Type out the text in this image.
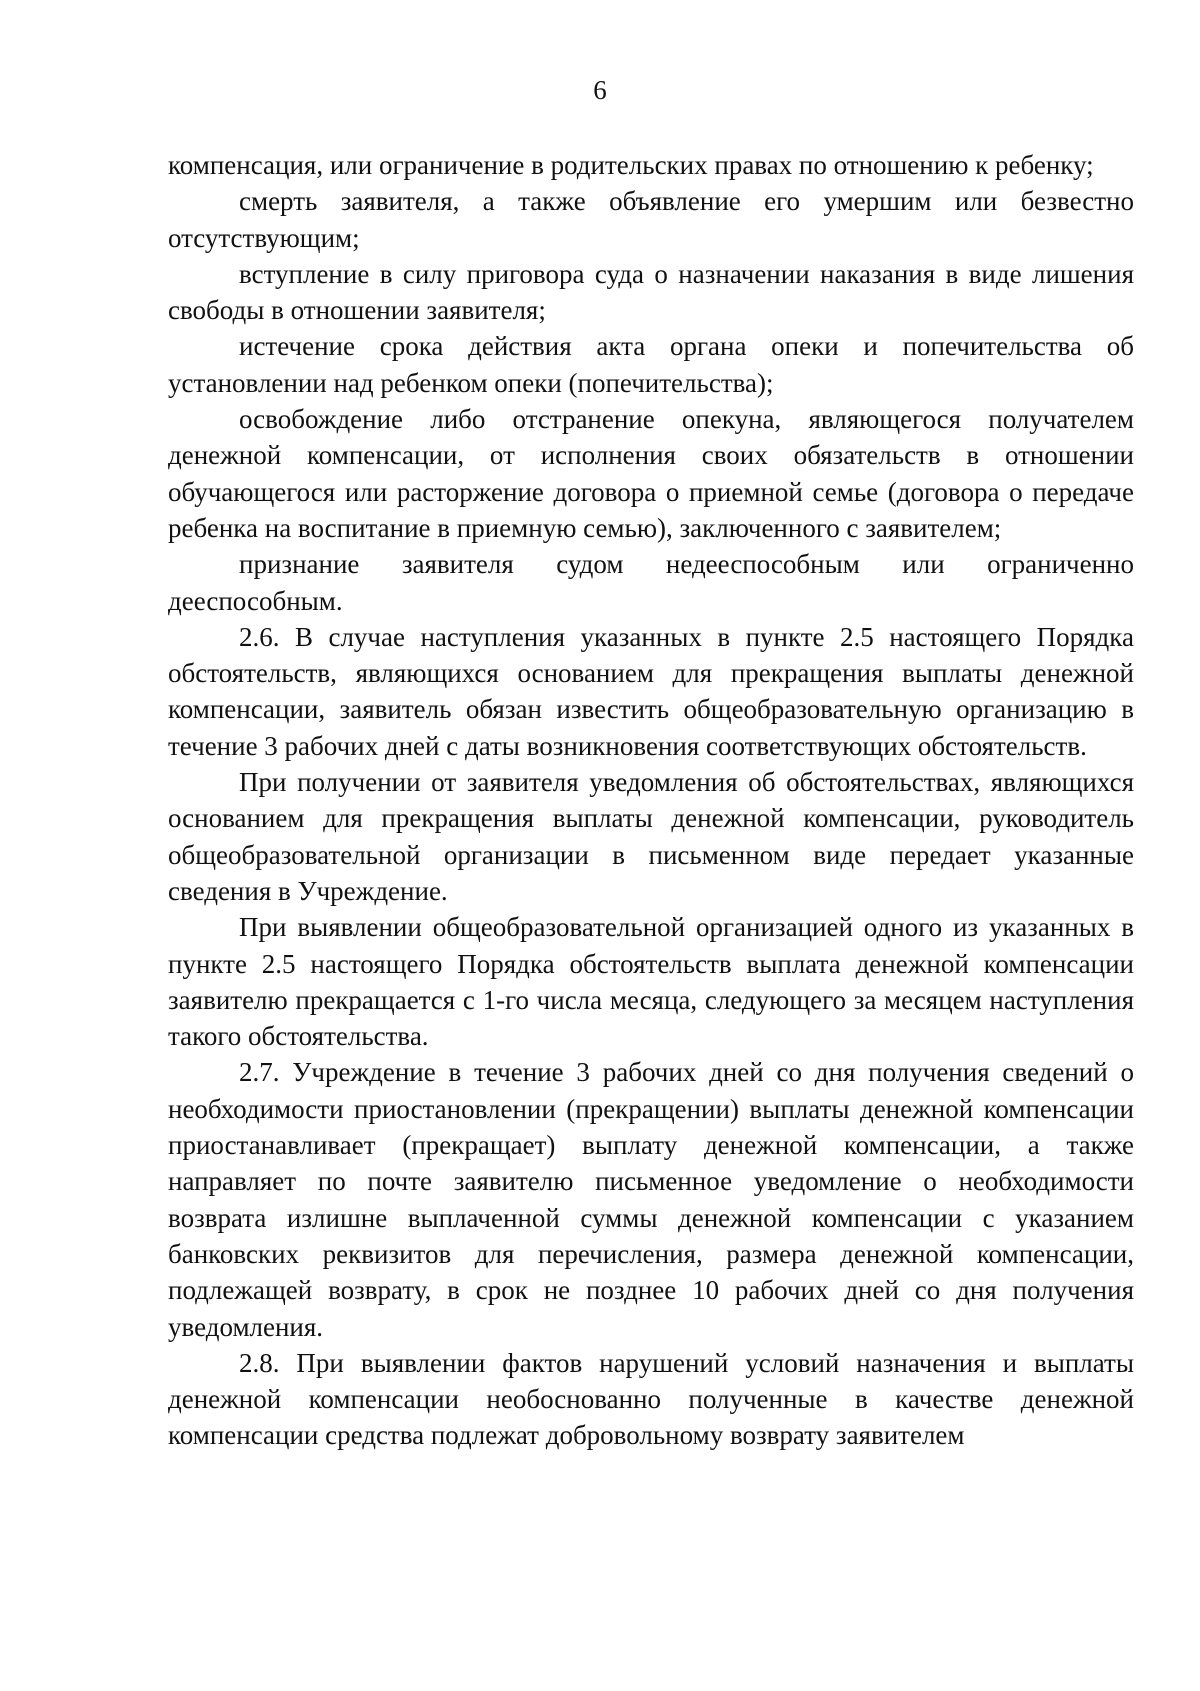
6

компенсация, или ограничение в родительских правах по отношению к ребенку;

смерть заявителя, а также объявление его умершим или безвестно отсутствующим;

вступление в силу приговора суда о назначении наказания в виде лишения свободы в отношении заявителя;

истечение срока действия акта органа опеки и попечительства об установлении над ребенком опеки (попечительства);

освобождение либо отстранение опекуна, являющегося получателем денежной компенсации, от исполнения своих обязательств в отношении обучающегося или расторжение договора о приемной семье (договора о передаче ребенка на воспитание в приемную семью), заключенного с заявителем;

признание заявителя судом недееспособным или ограниченно дееспособным.

2.6. В случае наступления указанных в пункте 2.5 настоящего Порядка обстоятельств, являющихся основанием для прекращения выплаты денежной компенсации, заявитель обязан известить общеобразовательную организацию в течение 3 рабочих дней с даты возникновения соответствующих обстоятельств.

При получении от заявителя уведомления об обстоятельствах, являющихся основанием для прекращения выплаты денежной компенсации, руководитель общеобразовательной организации в письменном виде передает указанные сведения в Учреждение.

При выявлении общеобразовательной организацией одного из указанных в пункте 2.5 настоящего Порядка обстоятельств выплата денежной компенсации заявителю прекращается с 1-го числа месяца, следующего за месяцем наступления такого обстоятельства.

2.7. Учреждение в течение 3 рабочих дней со дня получения сведений о необходимости приостановлении (прекращении) выплаты денежной компенсации приостанавливает (прекращает) выплату денежной компенсации, а также направляет по почте заявителю письменное уведомление о необходимости возврата излишне выплаченной суммы денежной компенсации с указанием банковских реквизитов для перечисления, размера денежной компенсации, подлежащей возврату, в срок не позднее 10 рабочих дней со дня получения уведомления.

2.8. При выявлении фактов нарушений условий назначения и выплаты денежной компенсации необоснованно полученные в качестве денежной компенсации средства подлежат добровольному возврату заявителем
